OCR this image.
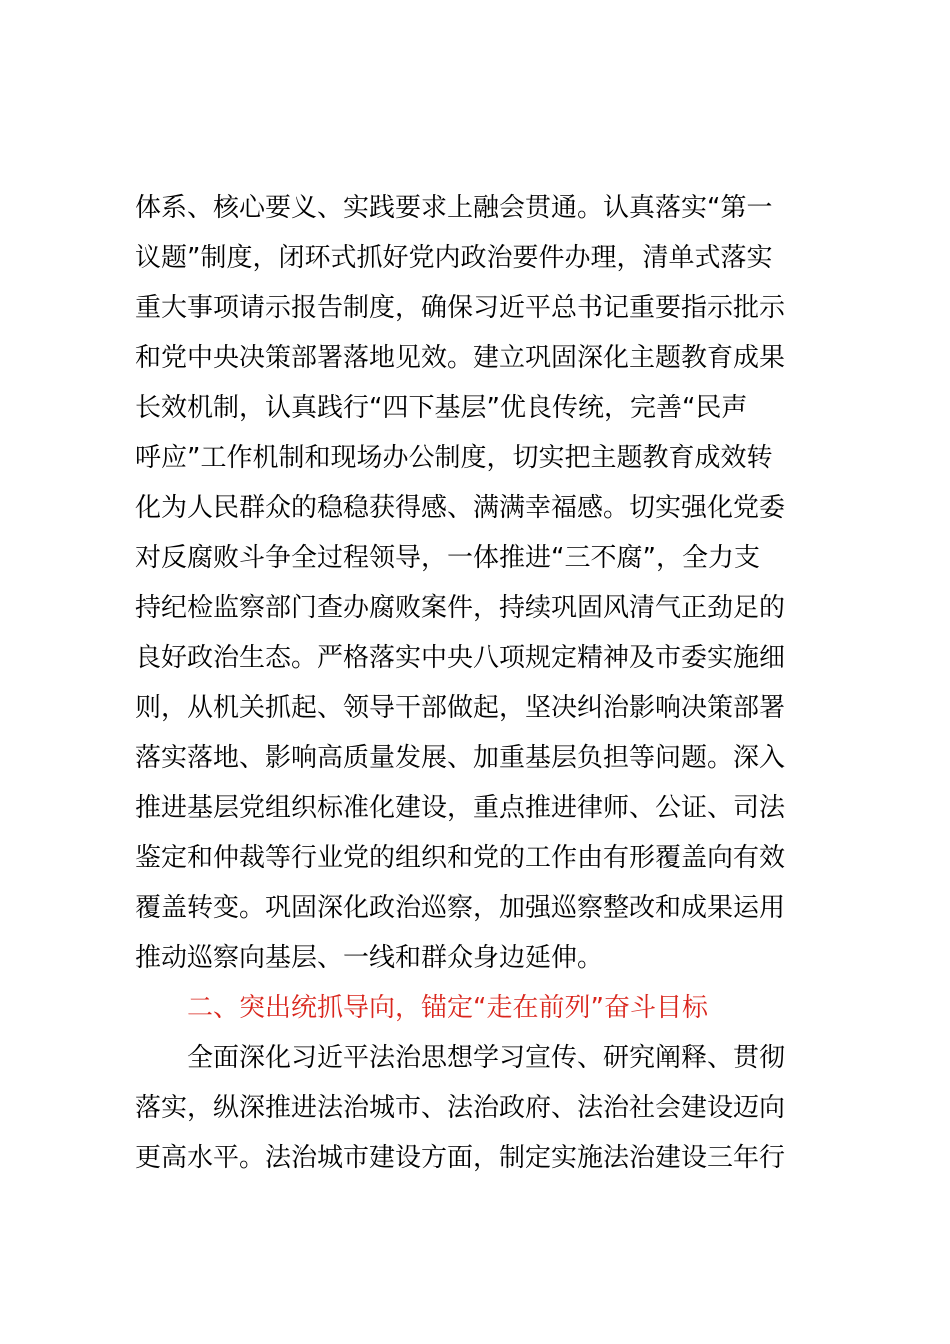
体系、核心要义、实践要求上融会贯通。认真落实“第一
议题”制度，闭环式抓好党内政治要件办理，清单式落实
重大事项请示报告制度，确保习近平总书记重要指示批示
和党中央决策部署落地见效。建立巩固深化主题教育成果
长效机制，认真践行“四下基层”优良传统，完善“民声
呼应”工作机制和现场办公制度，切实把主题教育成效转
化为人民群众的稳稳获得感、满满幸福感。切实强化党委
对反腐败斗争全过程领导，一体推进“三不腐”，全力支
持纪检监察部门查办腐败案件，持续巩固风清气正劲足的
良好政治生态。严格落实中央八项规定精神及市委实施细
则，从机关抓起、领导干部做起，坚决纠治影响决策部署
落实落地、影响高质量发展、加重基层负担等问题。深入
推进基层党组织标准化建设，重点推进律师、公证、司法
鉴定和仲裁等行业党的组织和党的工作由有形覆盖向有效
覆盖转变。巩固深化政治巡察，加强巡察整改和成果运用
推动巡察向基层、一线和群众身边延伸。
二、突出统抓导向，锚定“走在前列”奋斗目标
全面深化习近平法治思想学习宣传、研究阐释、贯彻
落实，纵深推进法治城市、法治政府、法治社会建设迈向
更高水平。法治城市建设方面，制定实施法治建设三年行
